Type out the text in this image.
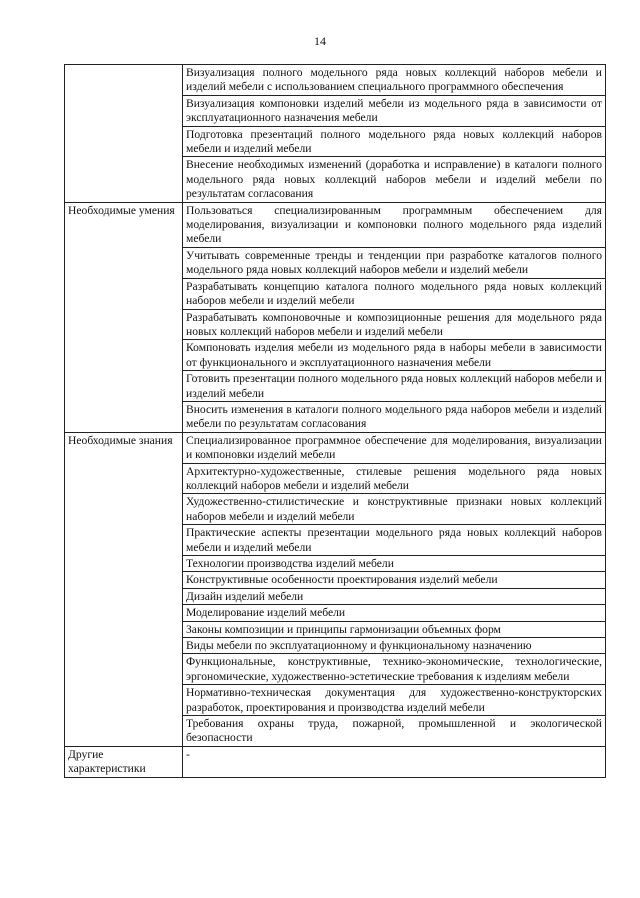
14
	Визуализация полного модельного ряда новых коллекций наборов мебели и изделий мебели с использованием специального программного обеспечения
	Визуализация компоновки изделий мебели из модельного ряда в зависимости от эксплуатационного назначения мебели
	Подготовка презентаций полного модельного ряда новых коллекций наборов мебели и изделий мебели
	Внесение необходимых изменений (доработка и исправление) в каталоги полного модельного ряда новых коллекций наборов мебели и изделий мебели по результатам согласования
Необходимые умения	Пользоваться специализированным программным обеспечением для моделирования, визуализации и компоновки полного модельного ряда изделий мебели
	Учитывать современные тренды и тенденции при разработке каталогов полного модельного ряда новых коллекций наборов мебели и изделий мебели
	Разрабатывать концепцию каталога полного модельного ряда новых коллекций наборов мебели и изделий мебели
	Разрабатывать компоновочные и композиционные решения для модельного ряда новых коллекций наборов мебели и изделий мебели
	Компоновать изделия мебели из модельного ряда в наборы мебели в зависимости от функционального и эксплуатационного назначения мебели
	Готовить презентации полного модельного ряда новых коллекций наборов мебели и изделий мебели
	Вносить изменения в каталоги полного модельного ряда наборов мебели и изделий мебели по результатам согласования
Необходимые знания	Специализированное программное обеспечение для моделирования, визуализации и компоновки изделий мебели
	Архитектурно-художественные, стилевые решения модельного ряда новых коллекций наборов мебели и изделий мебели
	Художественно-стилистические и конструктивные признаки новых коллекций наборов мебели и изделий мебели
	Практические аспекты презентации модельного ряда новых коллекций наборов мебели и изделий мебели
	Технологии производства изделий мебели
	Конструктивные особенности проектирования изделий мебели
	Дизайн изделий мебели
	Моделирование изделий мебели
	Законы композиции и принципы гармонизации объемных форм
	Виды мебели по эксплуатационному и функциональному назначению
	Функциональные, конструктивные, технико-экономические, технологические, эргономические, художественно-эстетические требования к изделиям мебели
	Нормативно-техническая документация для художественно-конструкторских разработок, проектирования и производства изделий мебели
	Требования охраны труда, пожарной, промышленной и экологической безопасности
Другие характеристики	-
